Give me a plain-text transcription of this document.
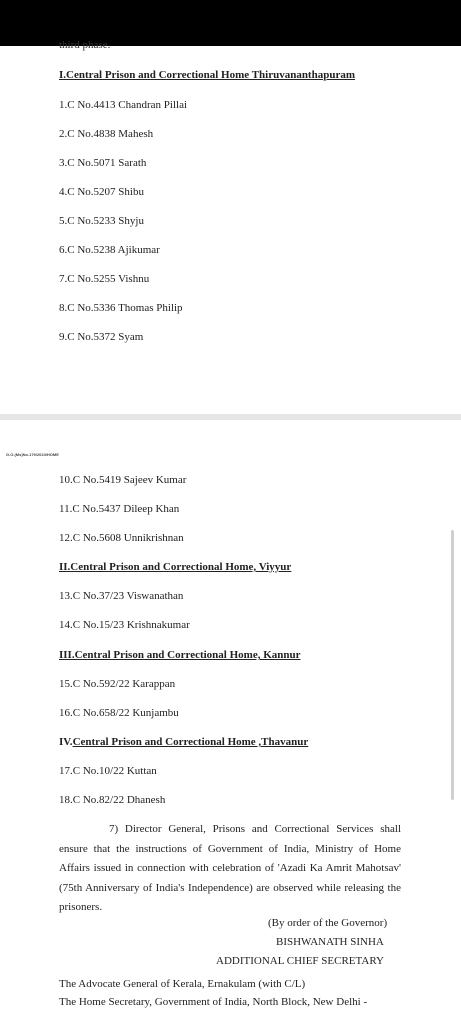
third phase.
I.Central Prison and Correctional Home Thiruvananthapuram
1.C No.4413 Chandran Pillai
2.C No.4838 Mahesh
3.C No.5071 Sarath
4.C No.5207 Shibu
5.C No.5233 Shyju
6.C No.5238 Ajikumar
7.C No.5255 Vishnu
8.C No.5336 Thomas Philip
9.C No.5372 Syam
G.O.(Ms)No.179/2023/HOME
10.C No.5419 Sajeev Kumar
11.C No.5437 Dileep Khan
12.C No.5608 Unnikrishnan
II.Central Prison and Correctional Home, Viyyur
13.C No.37/23 Viswanathan
14.C No.15/23 Krishnakumar
III.Central Prison and Correctional Home, Kannur
15.C No.592/22 Karappan
16.C No.658/22 Kunjambu
IV.Central Prison and Correctional Home ,Thavanur
17.C No.10/22 Kuttan
18.C No.82/22 Dhanesh
7) Director General, Prisons and Correctional Services shall ensure that the instructions of Government of India, Ministry of Home Affairs issued in connection with celebration of 'Azadi Ka Amrit Mahotsav' (75th Anniversary of India's Independence) are observed while releasing the prisoners.
(By order of the Governor)
BISHWANATH SINHA
ADDITIONAL CHIEF SECRETARY
The Advocate General of Kerala, Ernakulam (with C/L)
The Home Secretary, Government of India, North Block, New Delhi -
